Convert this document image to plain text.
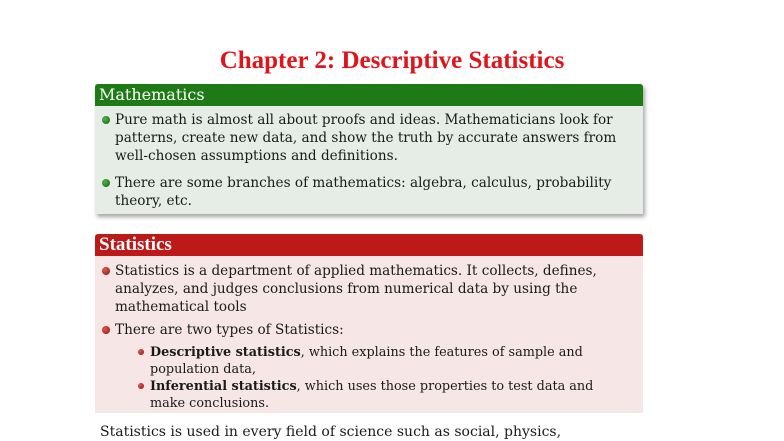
Chapter 2: Descriptive Statistics
Mathematics
Pure math is almost all about proofs and ideas. Mathematicians look for patterns, create new data, and show the truth by accurate answers from well-chosen assumptions and definitions.
There are some branches of mathematics: algebra, calculus, probability theory, etc.
Statistics
Statistics is a department of applied mathematics. It collects, defines, analyzes, and judges conclusions from numerical data by using the mathematical tools
There are two types of Statistics:
Descriptive statistics, which explains the features of sample and population data,
Inferential statistics, which uses those properties to test data and make conclusions.
Statistics is used in every field of science such as social, physics,
